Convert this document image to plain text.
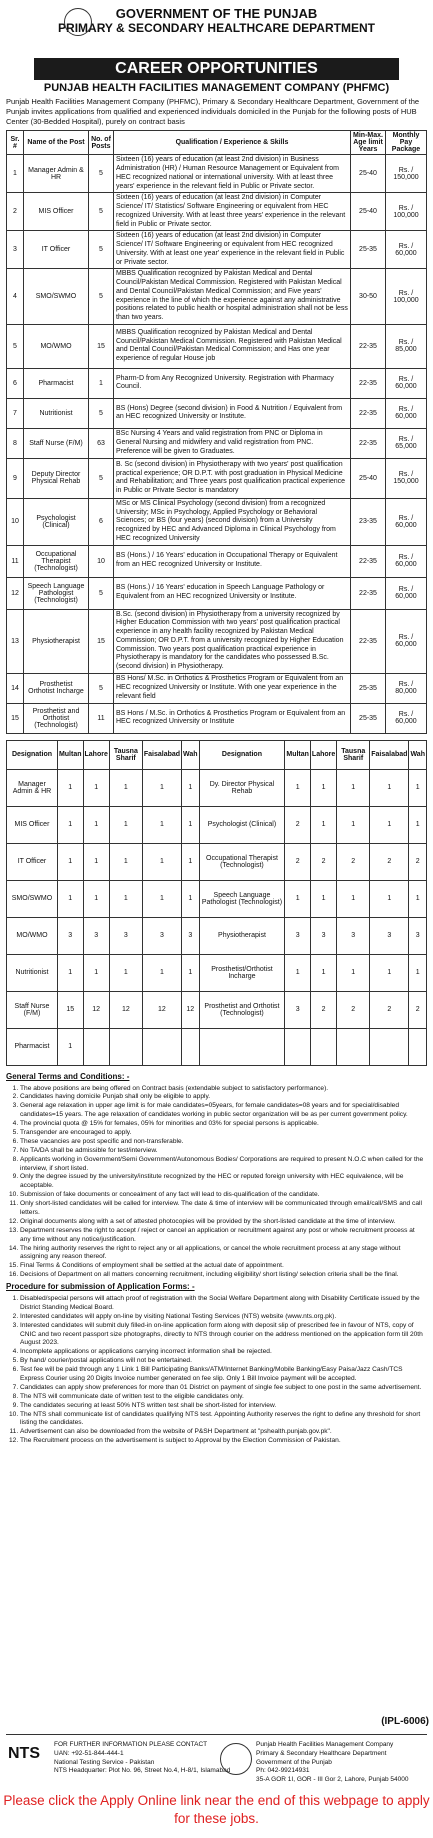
GOVERNMENT OF THE PUNJAB
PRIMARY & SECONDARY HEALTHCARE DEPARTMENT
CAREER OPPORTUNITIES
PUNJAB HEALTH FACILITIES MANAGEMENT COMPANY (PHFMC)
Punjab Health Facilities Management Company (PHFMC), Primary & Secondary Healthcare Department, Government of the Punjab invites applications from qualified and experienced individuals domiciled in the Punjab for the following posts of HUB Center (30-Bedded Hospital), purely on contract basis
Sr. #	Name of the Post	No. of Posts	Qualification / Experience & Skills	Min-Max. Age limit Years	Monthly Pay Package
1	Manager Admin & HR	5	Sixteen (16) years of education (at least 2nd division) in Business Administration (HR) / Human Resource Management or Equivalent from HEC recognized national or international university. With at least three years' experience in the relevant field in Public or Private sector.	25-40	Rs. / 150,000
2	MIS Officer	5	Sixteen (16) years of education (at least 2nd division) in Computer Science/ IT/ Statistics/ Software Engineering or equivalent from HEC recognized University. With at least three years' experience in the relevant field in Public or Private sector.	25-40	Rs. / 100,000
3	IT Officer	5	Sixteen (16) years of education (at least 2nd division) in Computer Science/ IT/ Software Engineering or equivalent from HEC recognized University. With at least one year' experience in the relevant field in Public or Private sector.	25-35	Rs. / 60,000
4	SMO/SWMO	5	MBBS Qualification recognized by Pakistan Medical and Dental Council/Pakistan Medical Commission. Registered with Pakistan Medical and Dental Council/Pakistan Medical Commission; and Five years' experience in the line of which the experience against any administrative positions related to public health or hospital administration shall not be less than two years.	30-50	Rs. / 100,000
5	MO/WMO	15	MBBS Qualification recognized by Pakistan Medical and Dental Council/Pakistan Medical Commission. Registered with Pakistan Medical and Dental Council/Pakistan Medical Commission; and Has one year experience of regular House job	22-35	Rs. / 85,000
6	Pharmacist	1	Pharm-D from Any Recognized University. Registration with Pharmacy Council.	22-35	Rs. / 60,000
7	Nutritionist	5	BS (Hons) Degree (second division) in Food & Nutrition / Equivalent from an HEC recognized University or Institute.	22-35	Rs. / 60,000
8	Staff Nurse (F/M)	63	BSc Nursing 4 Years and valid registration from PNC or Diploma in General Nursing and midwifery and valid registration from PNC. Preference will be given to Graduates.	22-35	Rs. / 65,000
9	Deputy Director Physical Rehab	5	B. Sc (second division) in Physiotherapy with two years' post qualification practical experience; OR D.P.T. with post graduation in Physical Medicine and Rehabilitation; and Three years post qualification practical experience in Public or Private Sector is mandatory	25-40	Rs. / 150,000
10	Psychologist (Clinical)	6	MSc or MS Clinical Psychology (second division) from a recognized University; MSc in Psychology, Applied Psychology or Behavioral Sciences; or BS (four years) (second division) from a University recognized by HEC and Advanced Diploma in Clinical Psychology from HEC recognized University	23-35	Rs. / 60,000
11	Occupational Therapist (Technologist)	10	BS (Hons.) / 16 Years' education in Occupational Therapy or Equivalent from an HEC recognized University or Institute.	22-35	Rs. / 60,000
12	Speech Language Pathologist (Technologist)	5	BS (Hons.) / 16 Years' education in Speech Language Pathology or Equivalent from an HEC recognized University or Institute.	22-35	Rs. / 60,000
13	Physiotherapist	15	B.Sc. (second division) in Physiotherapy from a university recognized by Higher Education Commission with two years' post qualification practical experience in any health facility recognized by Pakistan Medical Commission; OR D.P.T. from a university recognized by Higher Education Commission. Two years post qualification practical experience in Physiotherapy is mandatory for the candidates who possessed B.Sc. (second division) in Physiotherapy.	22-35	Rs. / 60,000
14	Prosthetist Orthotist Incharge	5	BS Hons/ M.Sc. in Orthotics & Prosthetics Program or Equivalent from an HEC recognized University or Institute. With one year experience in the relevant field	25-35	Rs. / 80,000
15	Prosthetist and Orthotist (Technologist)	11	BS Hons / M.Sc. in Orthotics & Prosthetics Program or Equivalent from an HEC recognized University or Institute	25-35	Rs. / 60,000
Designation	Multan	Lahore	Tausna Sharif	Faisalabad	Wah	Designation	Multan	Lahore	Tausna Sharif	Faisalabad	Wah
Manager Admin & HR	1	1	1	1	1	Dy. Director Physical Rehab	1	1	1	1	1
MIS Officer	1	1	1	1	1	Psychologist (Clinical)	2	1	1	1	1
IT Officer	1	1	1	1	1	Occupational Therapist (Technologist)	2	2	2	2	2
SMO/SWMO	1	1	1	1	1	Speech Language Pathologist (Technologist)	1	1	1	1	1
MO/WMO	3	3	3	3	3	Physiotherapist	3	3	3	3	3
Nutritionist	1	1	1	1	1	Prosthetist/Orthotist Incharge	1	1	1	1	1
Staff Nurse (F/M)	15	12	12	12	12	Prosthetist and Orthotist (Technologist)	3	2	2	2	2
Pharmacist	1										
General Terms and Conditions: -
1. The above positions are being offered on Contract basis (extendable subject to satisfactory performance).
2. Candidates having domicile Punjab shall only be eligible to apply.
3. General age relaxation in upper age limit is for male candidates=05years, for female candidates=08 years and for special/disabled candidates=15 years. The age relaxation of candidates working in public sector organization will be as per current government policy.
4. The provincial quota @ 15% for females, 05% for minorities and 03% for special persons is applicable.
5. Transgender are encouraged to apply.
6. These vacancies are post specific and non-transferable.
7. No TA/DA shall be admissible for test/interview.
8. Applicants working in Government/Semi Government/Autonomous Bodies/ Corporations are required to present N.O.C when called for the interview, if short listed.
9. Only the degree issued by the university/institute recognized by the HEC or reputed foreign university with HEC equivalence, will be acceptable.
10. Submission of fake documents or concealment of any fact will lead to dis-qualification of the candidate.
11. Only short-listed candidates will be called for interview. The date & time of interview will be communicated through email/call/SMS and call letters.
12. Original documents along with a set of attested photocopies will be provided by the short-listed candidate at the time of interview.
13. Department reserves the right to accept / reject or cancel an application or recruitment against any post or whole recruitment process at any time without any notice/justification.
14. The hiring authority reserves the right to reject any or all applications, or cancel the whole recruitment process at any stage without assigning any reason thereof.
15. Final Terms & Conditions of employment shall be settled at the actual date of appointment.
16. Decisions of Department on all matters concerning recruitment, including eligibility/ short listing/ selection criteria shall be the final.
Procedure for submission of Application Forms: -
1. Disabled/special persons will attach proof of registration with the Social Welfare Department along with Disability Certificate issued by the District Standing Medical Board.
2. Interested candidates will apply on-line by visiting National Testing Services (NTS) website (www.nts.org.pk).
3. Interested candidates will submit duly filled-in on-line application form along with deposit slip of prescribed fee in favour of NTS, copy of CNIC and two recent passport size photographs, directly to NTS through courier on the address mentioned on the application form till 20th August 2023.
4. Incomplete applications or applications carrying incorrect information shall be rejected.
5. By hand/ courier/postal applications will not be entertained.
6. Test fee will be paid through any 1 Link 1 Bill Participating Banks/ATM/Internet Banking/Mobile Banking/Easy Paisa/Jazz Cash/TCS Express Courier using 20 Digits Invoice number generated on fee slip. Only 1 Bill Invoice payment will be accepted.
7. Candidates can apply show preferences for more than 01 District on payment of single fee subject to one post in the same advertisement.
8. The NTS will communicate date of written test to the eligible candidates only.
9. The candidates securing at least 50% NTS written test shall be short-listed for interview.
10. The NTS shall communicate list of candidates qualifying NTS test. Appointing Authority reserves the right to define any threshold for short listing the candidates.
11. Advertisement can also be downloaded from the website of P&SH Department at "pshealth.punjab.gov.pk".
12. The Recruitment process on the advertisement is subject to Approval by the Election Commission of Pakistan.
(IPL-6006)
NTS
FOR FURTHER INFORMATION PLEASE CONTACT
UAN: +92-51-844-444-1
National Testing Service - Pakistan
NTS Headquarter: Plot No. 96, Street No.4, H-8/1, Islamabad
Punjab Health Facilities Management Company
Primary & Secondary Healthcare Department
Government of the Punjab
Ph: 042-99214931
35-A GOR 1I, GOR - III Gor 2, Lahore, Punjab 54000
Please click the Apply Online link near the end of this webpage to apply for these jobs.
